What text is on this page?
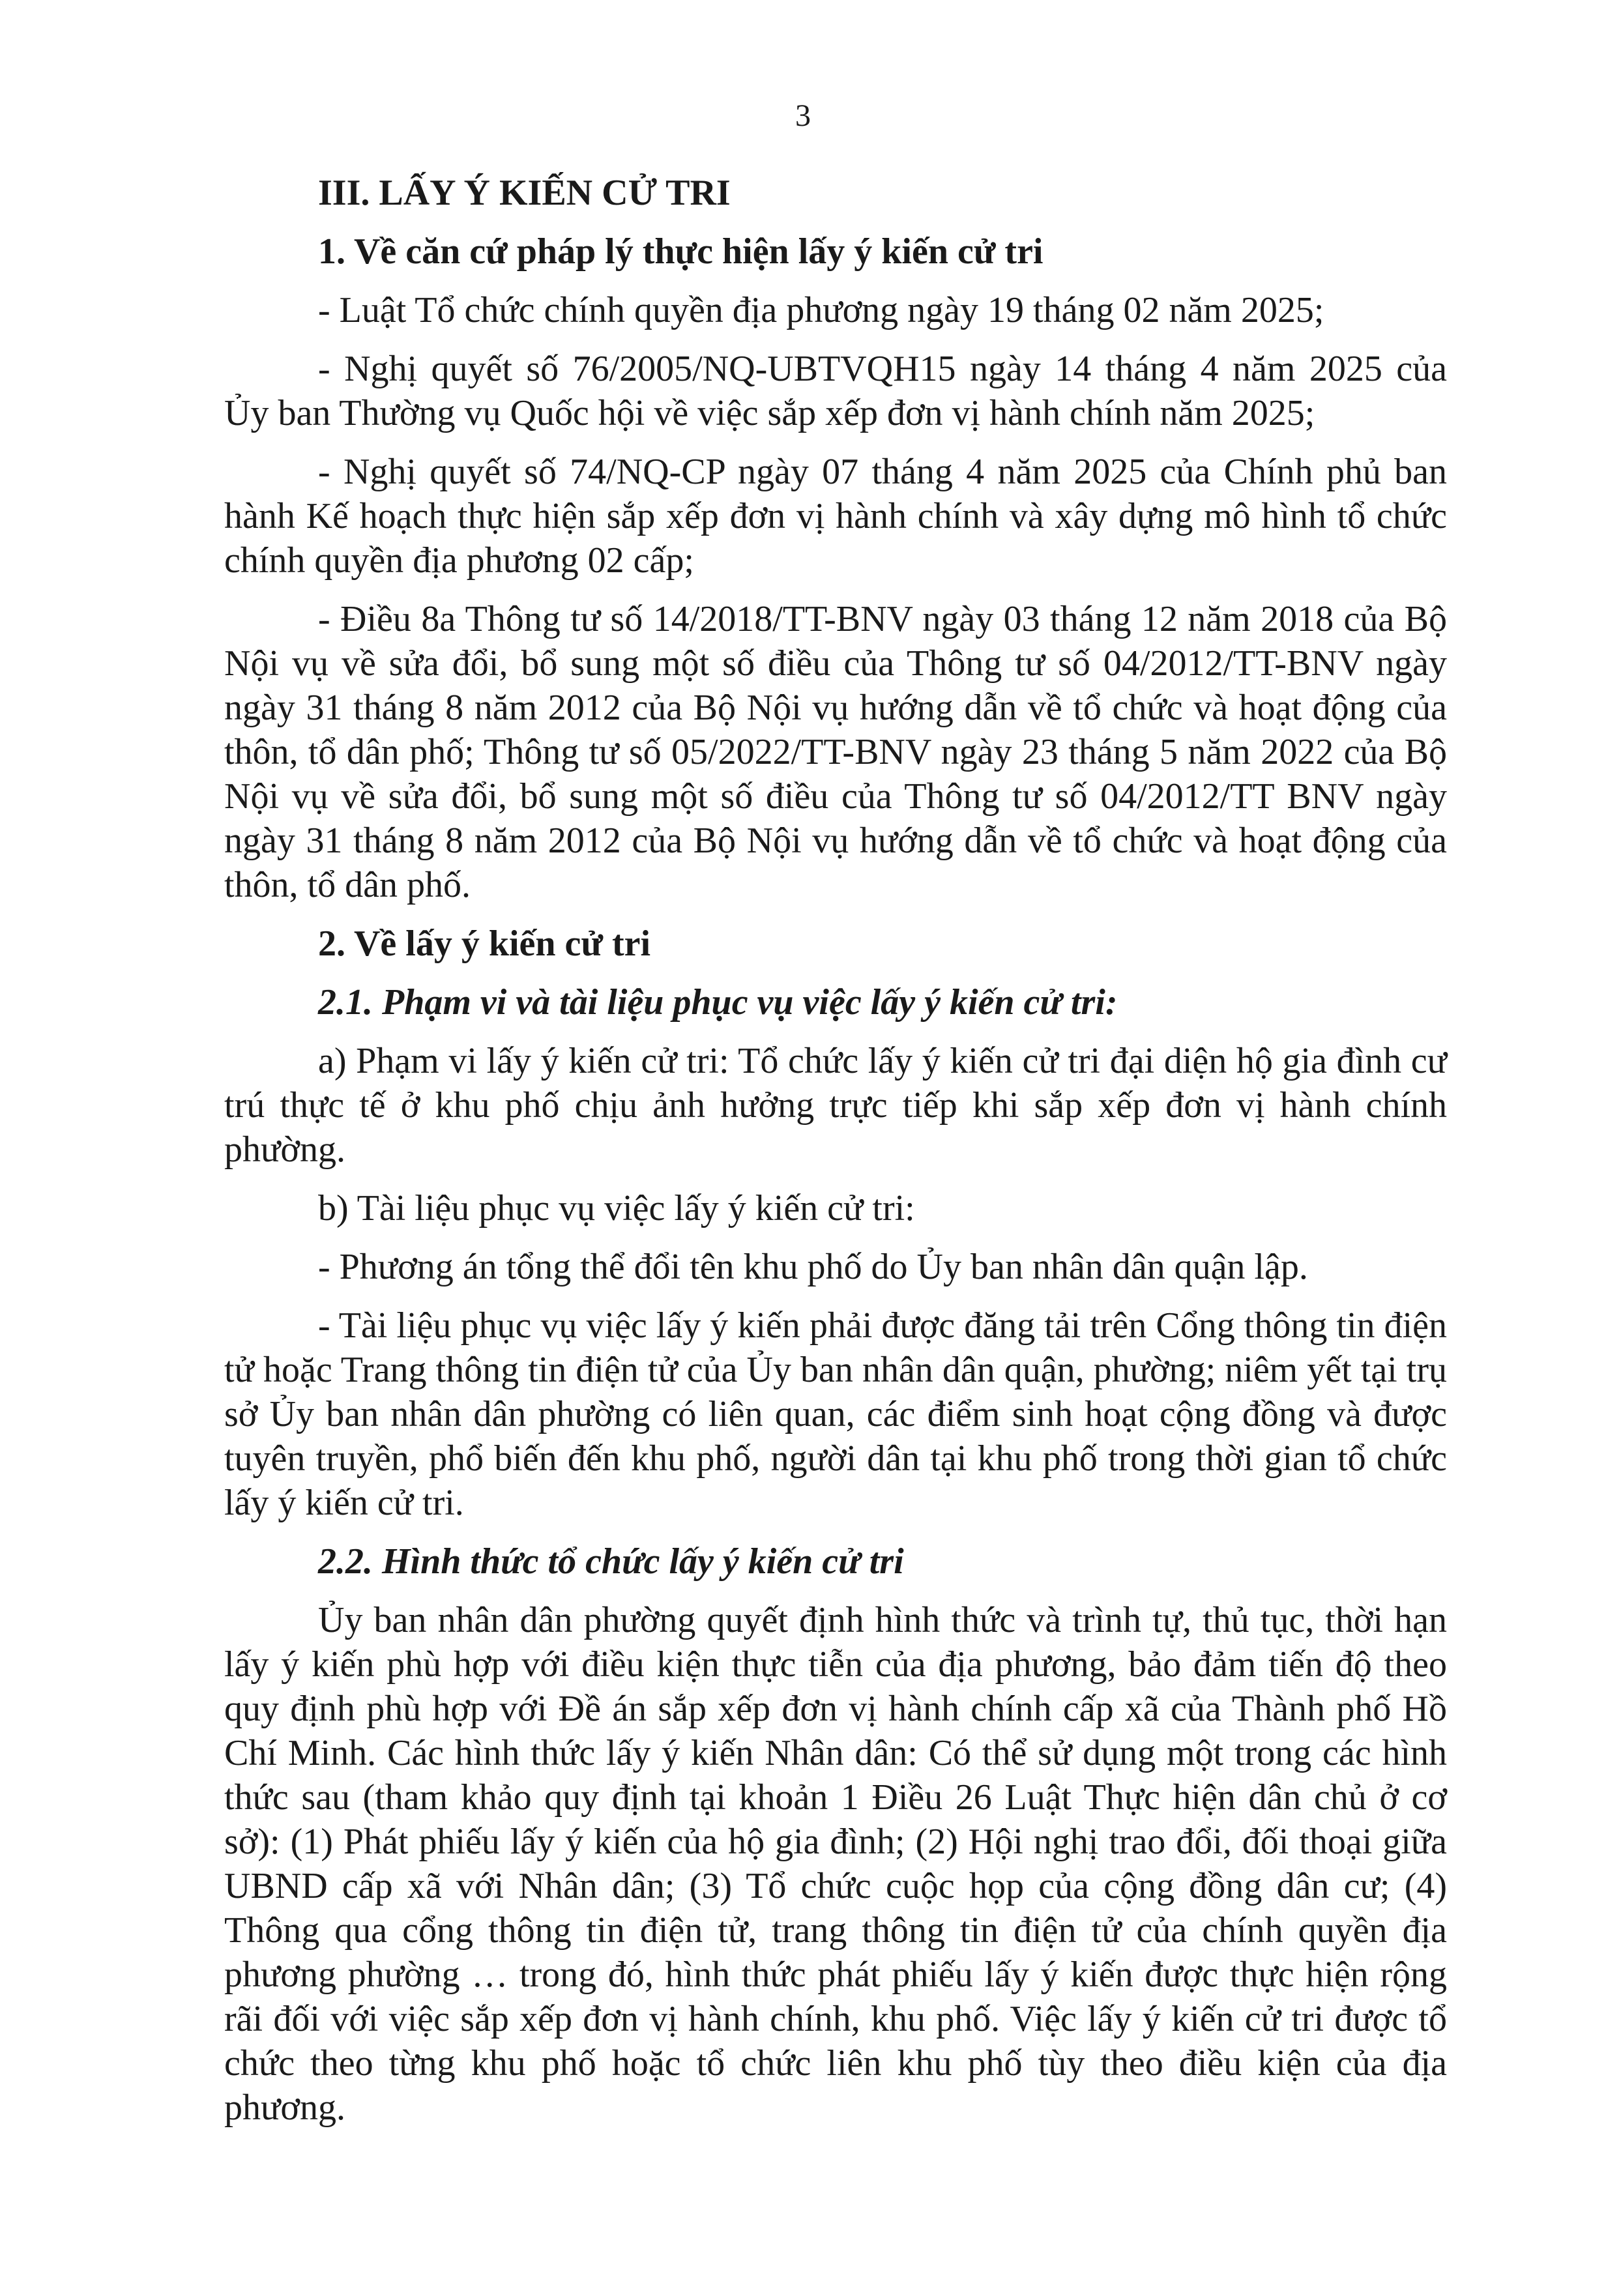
3

III. LẤY Ý KIẾN CỬ TRI

1. Về căn cứ pháp lý thực hiện lấy ý kiến cử tri

- Luật Tổ chức chính quyền địa phương ngày 19 tháng 02 năm 2025;

- Nghị quyết số 76/2005/NQ-UBTVQH15 ngày 14 tháng 4 năm 2025 của Ủy ban Thường vụ Quốc hội về việc sắp xếp đơn vị hành chính năm 2025;

- Nghị quyết số 74/NQ-CP ngày 07 tháng 4 năm 2025 của Chính phủ ban hành Kế hoạch thực hiện sắp xếp đơn vị hành chính và xây dựng mô hình tổ chức chính quyền địa phương 02 cấp;

- Điều 8a Thông tư số 14/2018/TT-BNV ngày 03 tháng 12 năm 2018 của Bộ Nội vụ về sửa đổi, bổ sung một số điều của Thông tư số 04/2012/TT-BNV ngày ngày 31 tháng 8 năm 2012 của Bộ Nội vụ hướng dẫn về tổ chức và hoạt động của thôn, tổ dân phố; Thông tư số 05/2022/TT-BNV ngày 23 tháng 5 năm 2022 của Bộ Nội vụ về sửa đổi, bổ sung một số điều của Thông tư số 04/2012/TT BNV ngày ngày 31 tháng 8 năm 2012 của Bộ Nội vụ hướng dẫn về tổ chức và hoạt động của thôn, tổ dân phố.

2. Về lấy ý kiến cử tri

2.1. Phạm vi và tài liệu phục vụ việc lấy ý kiến cử tri:

a) Phạm vi lấy ý kiến cử tri: Tổ chức lấy ý kiến cử tri đại diện hộ gia đình cư trú thực tế ở khu phố chịu ảnh hưởng trực tiếp khi sắp xếp đơn vị hành chính phường.

b) Tài liệu phục vụ việc lấy ý kiến cử tri:

- Phương án tổng thể đổi tên khu phố do Ủy ban nhân dân quận lập.

- Tài liệu phục vụ việc lấy ý kiến phải được đăng tải trên Cổng thông tin điện tử hoặc Trang thông tin điện tử của Ủy ban nhân dân quận, phường; niêm yết tại trụ sở Ủy ban nhân dân phường có liên quan, các điểm sinh hoạt cộng đồng và được tuyên truyền, phổ biến đến khu phố, người dân tại khu phố trong thời gian tổ chức lấy ý kiến cử tri.

2.2. Hình thức tổ chức lấy ý kiến cử tri

Ủy ban nhân dân phường quyết định hình thức và trình tự, thủ tục, thời hạn lấy ý kiến phù hợp với điều kiện thực tiễn của địa phương, bảo đảm tiến độ theo quy định phù hợp với Đề án sắp xếp đơn vị hành chính cấp xã của Thành phố Hồ Chí Minh. Các hình thức lấy ý kiến Nhân dân: Có thể sử dụng một trong các hình thức sau (tham khảo quy định tại khoản 1 Điều 26 Luật Thực hiện dân chủ ở cơ sở): (1) Phát phiếu lấy ý kiến của hộ gia đình; (2) Hội nghị trao đổi, đối thoại giữa UBND cấp xã với Nhân dân; (3) Tổ chức cuộc họp của cộng đồng dân cư; (4) Thông qua cổng thông tin điện tử, trang thông tin điện tử của chính quyền địa phương phường … trong đó, hình thức phát phiếu lấy ý kiến được thực hiện rộng rãi đối với việc sắp xếp đơn vị hành chính, khu phố. Việc lấy ý kiến cử tri được tổ chức theo từng khu phố hoặc tổ chức liên khu phố tùy theo điều kiện của địa phương.
